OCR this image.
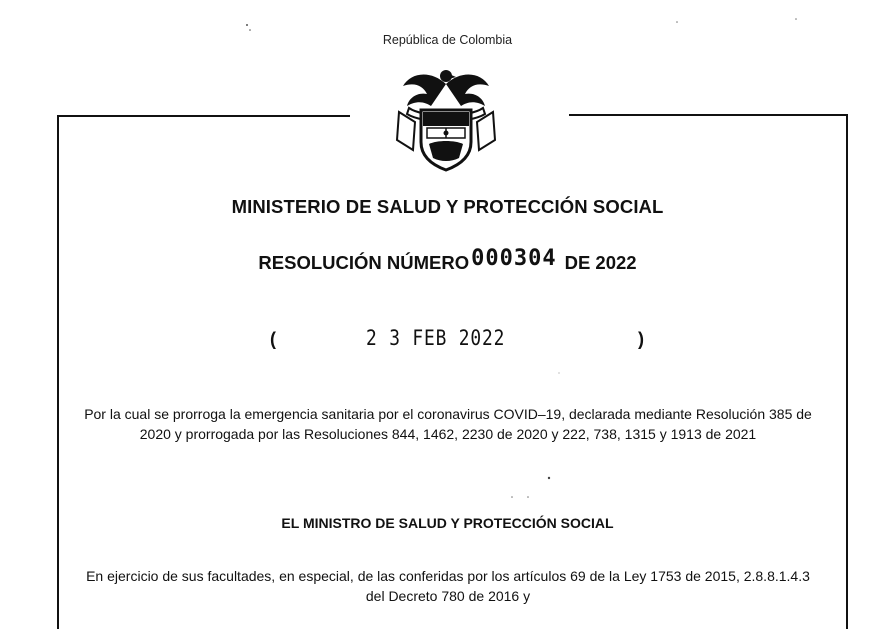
República de Colombia
MINISTERIO DE SALUD Y PROTECCIÓN SOCIAL
RESOLUCIÓN NÚMERO000304 DE 2022
(	2 3 FEB 2022	)
Por la cual se prorroga la emergencia sanitaria por el coronavirus COVID–19, declarada mediante Resolución 385 de 2020 y prorrogada por las Resoluciones 844, 1462, 2230 de 2020 y 222, 738, 1315 y 1913 de 2021
EL MINISTRO DE SALUD Y PROTECCIÓN SOCIAL
En ejercicio de sus facultades, en especial, de las conferidas por los artículos 69 de la Ley 1753 de 2015, 2.8.8.1.4.3 del Decreto 780 de 2016 y
